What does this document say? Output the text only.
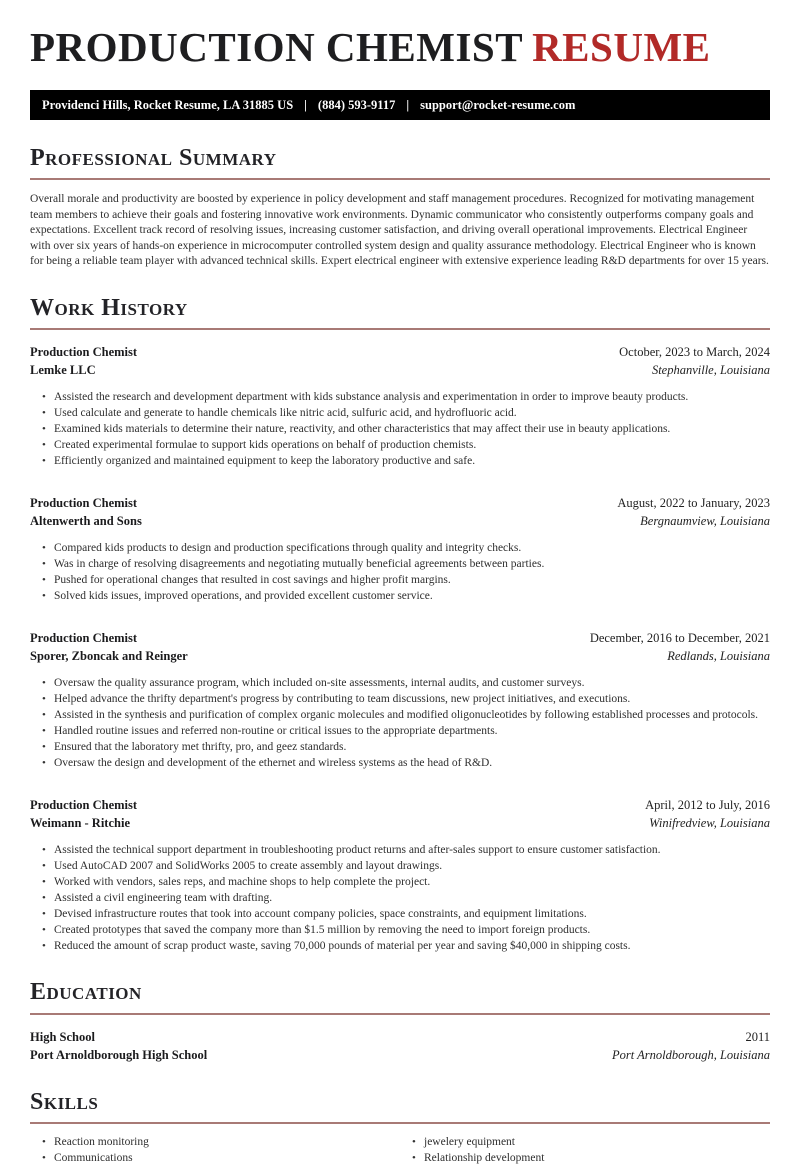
PRODUCTION CHEMIST RESUME
Providenci Hills, Rocket Resume, LA 31885 US | (884) 593-9117 | support@rocket-resume.com
Professional Summary

Overall morale and productivity are boosted by experience in policy development and staff management procedures. Recognized for motivating management team members to achieve their goals and fostering innovative work environments. Dynamic communicator who consistently outperforms company goals and expectations. Excellent track record of resolving issues, increasing customer satisfaction, and driving overall operational improvements. Electrical Engineer with over six years of hands-on experience in microcomputer controlled system design and quality assurance methodology. Electrical Engineer who is known for being a reliable team player with advanced technical skills. Expert electrical engineer with extensive experience leading R&D departments for over 15 years.

Work History
Production Chemist	October, 2023 to March, 2024
Lemke LLC	Stephanville, Louisiana
• Assisted the research and development department with kids substance analysis and experimentation in order to improve beauty products.
• Used calculate and generate to handle chemicals like nitric acid, sulfuric acid, and hydrofluoric acid.
• Examined kids materials to determine their nature, reactivity, and other characteristics that may affect their use in beauty applications.
• Created experimental formulae to support kids operations on behalf of production chemists.
• Efficiently organized and maintained equipment to keep the laboratory productive and safe.
Production Chemist	August, 2022 to January, 2023
Altenwerth and Sons	Bergnaumview, Louisiana
• Compared kids products to design and production specifications through quality and integrity checks.
• Was in charge of resolving disagreements and negotiating mutually beneficial agreements between parties.
• Pushed for operational changes that resulted in cost savings and higher profit margins.
• Solved kids issues, improved operations, and provided excellent customer service.
Production Chemist	December, 2016 to December, 2021
Sporer, Zboncak and Reinger	Redlands, Louisiana
• Oversaw the quality assurance program, which included on-site assessments, internal audits, and customer surveys.
• Helped advance the thrifty department's progress by contributing to team discussions, new project initiatives, and executions.
• Assisted in the synthesis and purification of complex organic molecules and modified oligonucleotides by following established processes and protocols.
• Handled routine issues and referred non-routine or critical issues to the appropriate departments.
• Ensured that the laboratory met thrifty, pro, and geez standards.
• Oversaw the design and development of the ethernet and wireless systems as the head of R&D.
Production Chemist	April, 2012 to July, 2016
Weimann - Ritchie	Winifredview, Louisiana
• Assisted the technical support department in troubleshooting product returns and after-sales support to ensure customer satisfaction.
• Used AutoCAD 2007 and SolidWorks 2005 to create assembly and layout drawings.
• Worked with vendors, sales reps, and machine shops to help complete the project.
• Assisted a civil engineering team with drafting.
• Devised infrastructure routes that took into account company policies, space constraints, and equipment limitations.
• Created prototypes that saved the company more than $1.5 million by removing the need to import foreign products.
• Reduced the amount of scrap product waste, saving 70,000 pounds of material per year and saving $40,000 in shipping costs.
Education
High School	2011
Port Arnoldborough High School	Port Arnoldborough, Louisiana
Skills
• Reaction monitoring
• Communications
• jewelery equipment
• Relationship development
